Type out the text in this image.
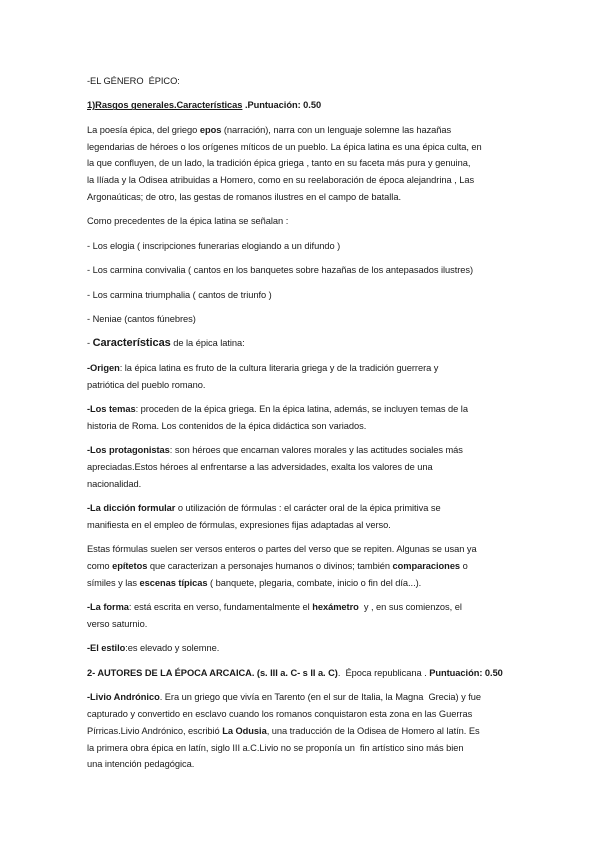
-EL GÉNERO  ÉPICO:
1)Rasgos generales.Características .Puntuación: 0.50
La poesía épica, del griego epos (narración), narra con un lenguaje solemne las hazañas
legendarias de héroes o los orígenes míticos de un pueblo. La épica latina es una épica culta, en
la que confluyen, de un lado, la tradición épica griega , tanto en su faceta más pura y genuina,
la Ilíada y la Odisea atribuidas a Homero, como en su reelaboración de época alejandrina , Las
Argonaúticas; de otro, las gestas de romanos ilustres en el campo de batalla.
Como precedentes de la épica latina se señalan :
- Los elogia ( inscripciones funerarias elogiando a un difundo )
- Los carmina convivalia ( cantos en los banquetes sobre hazañas de los antepasados ilustres)
- Los carmina triumphalia ( cantos de triunfo )
- Neniae (cantos fúnebres)
- Características de la épica latina:
-Origen: la épica latina es fruto de la cultura literaria griega y de la tradición guerrera y
patriótica del pueblo romano.
-Los temas: proceden de la épica griega. En la épica latina, además, se incluyen temas de la
historia de Roma. Los contenidos de la épica didáctica son variados.
-Los protagonistas: son héroes que encarnan valores morales y las actitudes sociales más
apreciadas.Estos héroes al enfrentarse a las adversidades, exalta los valores de una
nacionalidad.
-La dicción formular o utilización de fórmulas : el carácter oral de la épica primitiva se
manifiesta en el empleo de fórmulas, expresiones fijas adaptadas al verso.
Estas fórmulas suelen ser versos enteros o partes del verso que se repiten. Algunas se usan ya
como epítetos que caracterizan a personajes humanos o divinos; también comparaciones o
símiles y las escenas típicas ( banquete, plegaria, combate, inicio o fin del día...).
-La forma: está escrita en verso, fundamentalmente el hexámetro  y , en sus comienzos, el
verso saturnio.
-El estilo:es elevado y solemne.
2- AUTORES DE LA ÉPOCA ARCAICA. (s. III a. C- s II a. C).  Época republicana . Puntuación: 0.50
-Livio Andrónico. Era un griego que vivía en Tarento (en el sur de Italia, la Magna  Grecia) y fue
capturado y convertido en esclavo cuando los romanos conquistaron esta zona en las Guerras
Pírricas.Livio Andrónico, escribió La Odusia, una traducción de la Odisea de Homero al latín. Es
la primera obra épica en latín, siglo III a.C.Livio no se proponía un  fin artístico sino más bien
una intención pedagógica.
